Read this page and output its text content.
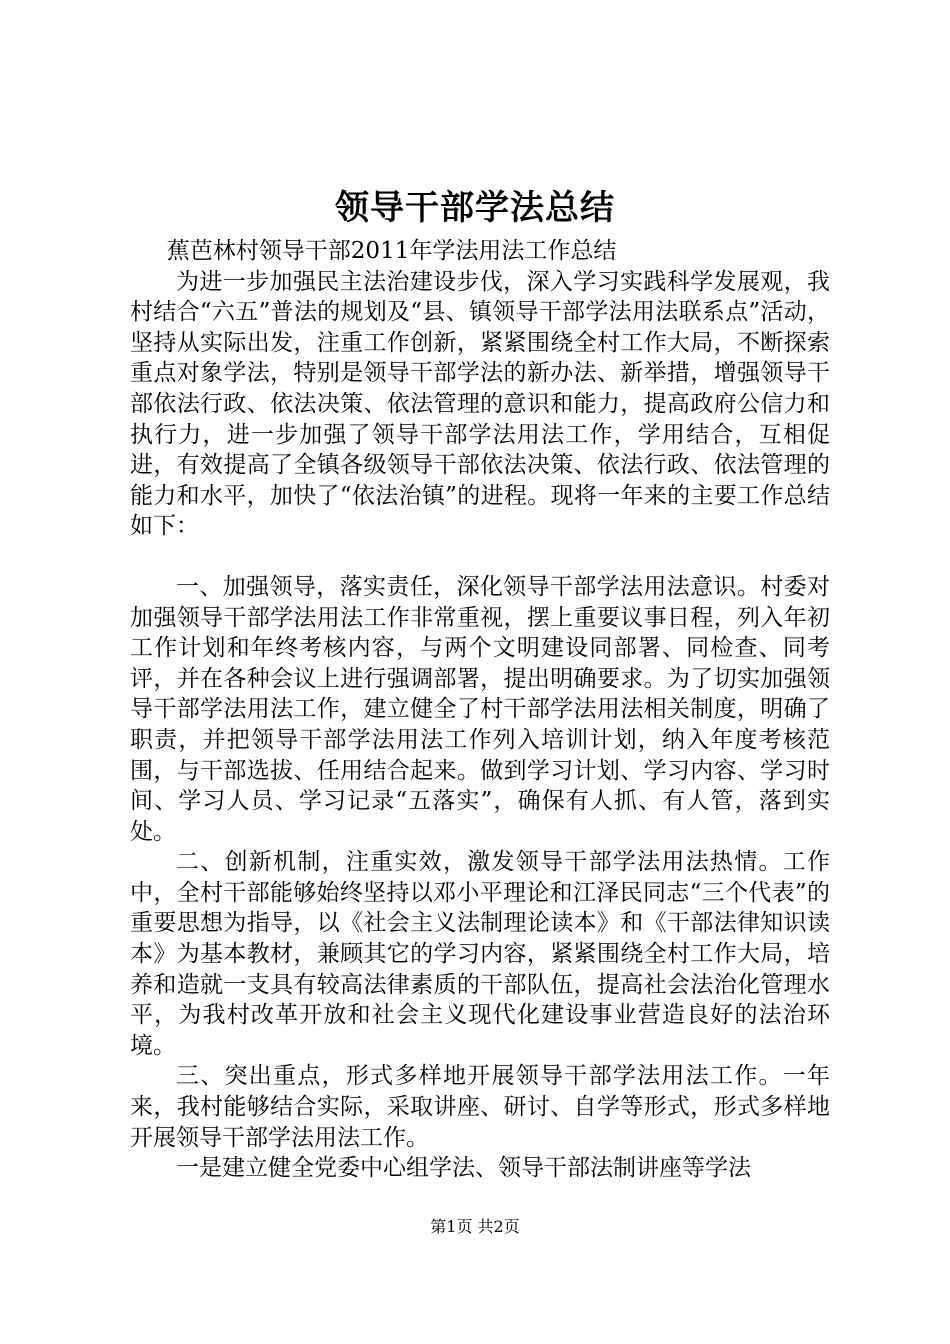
领导干部学法总结

蕉芭林村领导干部2011年学法用法工作总结

为进一步加强民主法治建设步伐，深入学习实践科学发展观，我村结合“六五”普法的规划及“县、镇领导干部学法用法联系点”活动，坚持从实际出发，注重工作创新，紧紧围绕全村工作大局，不断探索重点对象学法，特别是领导干部学法的新办法、新举措，增强领导干部依法行政、依法决策、依法管理的意识和能力，提高政府公信力和执行力，进一步加强了领导干部学法用法工作，学用结合，互相促进，有效提高了全镇各级领导干部依法决策、依法行政、依法管理的能力和水平，加快了“依法治镇”的进程。现将一年来的主要工作总结如下：

一、加强领导，落实责任，深化领导干部学法用法意识。村委对加强领导干部学法用法工作非常重视，摆上重要议事日程，列入年初工作计划和年终考核内容，与两个文明建设同部署、同检查、同考评，并在各种会议上进行强调部署，提出明确要求。为了切实加强领导干部学法用法工作，建立健全了村干部学法用法相关制度，明确了职责，并把领导干部学法用法工作列入培训计划，纳入年度考核范围，与干部选拔、任用结合起来。做到学习计划、学习内容、学习时间、学习人员、学习记录“五落实”，确保有人抓、有人管，落到实处。

二、创新机制，注重实效，激发领导干部学法用法热情。工作中，全村干部能够始终坚持以邓小平理论和江泽民同志“三个代表”的重要思想为指导，以《社会主义法制理论读本》和《干部法律知识读本》为基本教材，兼顾其它的学习内容，紧紧围绕全村工作大局，培养和造就一支具有较高法律素质的干部队伍，提高社会法治化管理水平，为我村改革开放和社会主义现代化建设事业营造良好的法治环境。

三、突出重点，形式多样地开展领导干部学法用法工作。一年来，我村能够结合实际，采取讲座、研讨、自学等形式，形式多样地开展领导干部学法用法工作。

一是建立健全党委中心组学法、领导干部法制讲座等学法

第1页 共2页
